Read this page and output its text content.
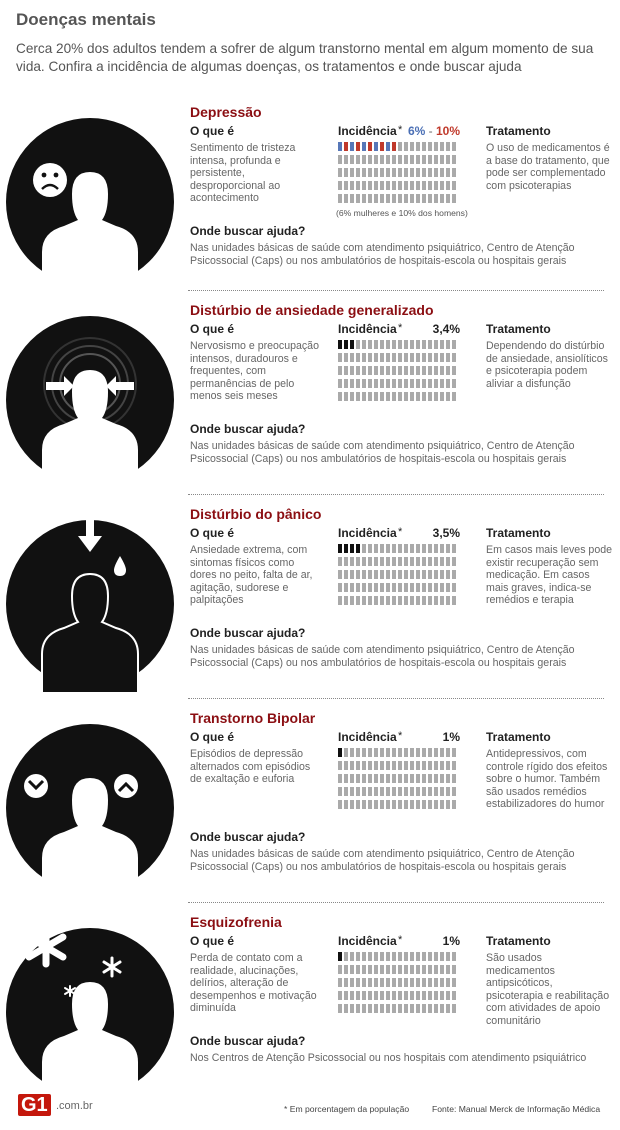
Doenças mentais
Cerca 20% dos adultos tendem a sofrer de algum transtorno mental em algum momento de sua vida. Confira a incidência de algumas doenças, os tratamentos e onde buscar ajuda
Depressão
O que é
Sentimento de tristeza intensa, profunda e persistente, desproporcional ao acontecimento
Incidência * 6% - 10%
(6% mulheres e 10% dos homens)
Tratamento
O uso de medicamentos é a base do tratamento, que pode ser complementado com psicoterapias
Onde buscar ajuda?
Nas unidades básicas de saúde com atendimento psiquiátrico, Centro de Atenção Psicossocial (Caps) ou nos ambulatórios de hospitais-escola ou hospitais gerais
Distúrbio de ansiedade generalizado
O que é
Nervosismo e preocupação intensos, duradouros e frequentes, com permanências de pelo menos seis meses
Incidência *	3,4% Tratamento
Dependendo do distúrbio de ansiedade, ansiolíticos e psicoterapia podem aliviar a disfunção
Onde buscar ajuda?
Nas unidades básicas de saúde com atendimento psiquiátrico, Centro de Atenção Psicossocial (Caps) ou nos ambulatórios de hospitais-escola ou hospitais gerais
Distúrbio do pânico
O que é
Ansiedade extrema, com sintomas físicos como dores no peito, falta de ar, agitação, sudorese e palpitações
Incidência *	3,5% Tratamento
Em casos mais leves pode existir recuperação sem medicação. Em casos mais graves, indica-se remédios e terapia
Onde buscar ajuda?
Nas unidades básicas de saúde com atendimento psiquiátrico, Centro de Atenção Psicossocial (Caps) ou nos ambulatórios de hospitais-escola ou hospitais gerais
Transtorno Bipolar
O que é
Episódios de depressão alternados com episódios de exaltação e euforia
Incidência *	1% Tratamento
Antidepressivos, com controle rígido dos efeitos sobre o humor. Também são usados remédios estabilizadores do humor
Onde buscar ajuda?
Nas unidades básicas de saúde com atendimento psiquiátrico, Centro de Atenção Psicossocial (Caps) ou nos ambulatórios de hospitais-escola ou hospitais gerais
Esquizofrenia
O que é
Perda de contato com a realidade, alucinações, delírios, alteração de desempenhos e motivação diminuída
Incidência *	1% Tratamento
São usados medicamentos antipsicóticos, psicoterapia e reabilitação com atividades de apoio comunitário
Onde buscar ajuda?
Nos Centros de Atenção Psicossocial ou nos hospitais com atendimento psiquiátrico
G1 .com.br	* Em porcentagem da população	Fonte: Manual Merck de Informação Médica
